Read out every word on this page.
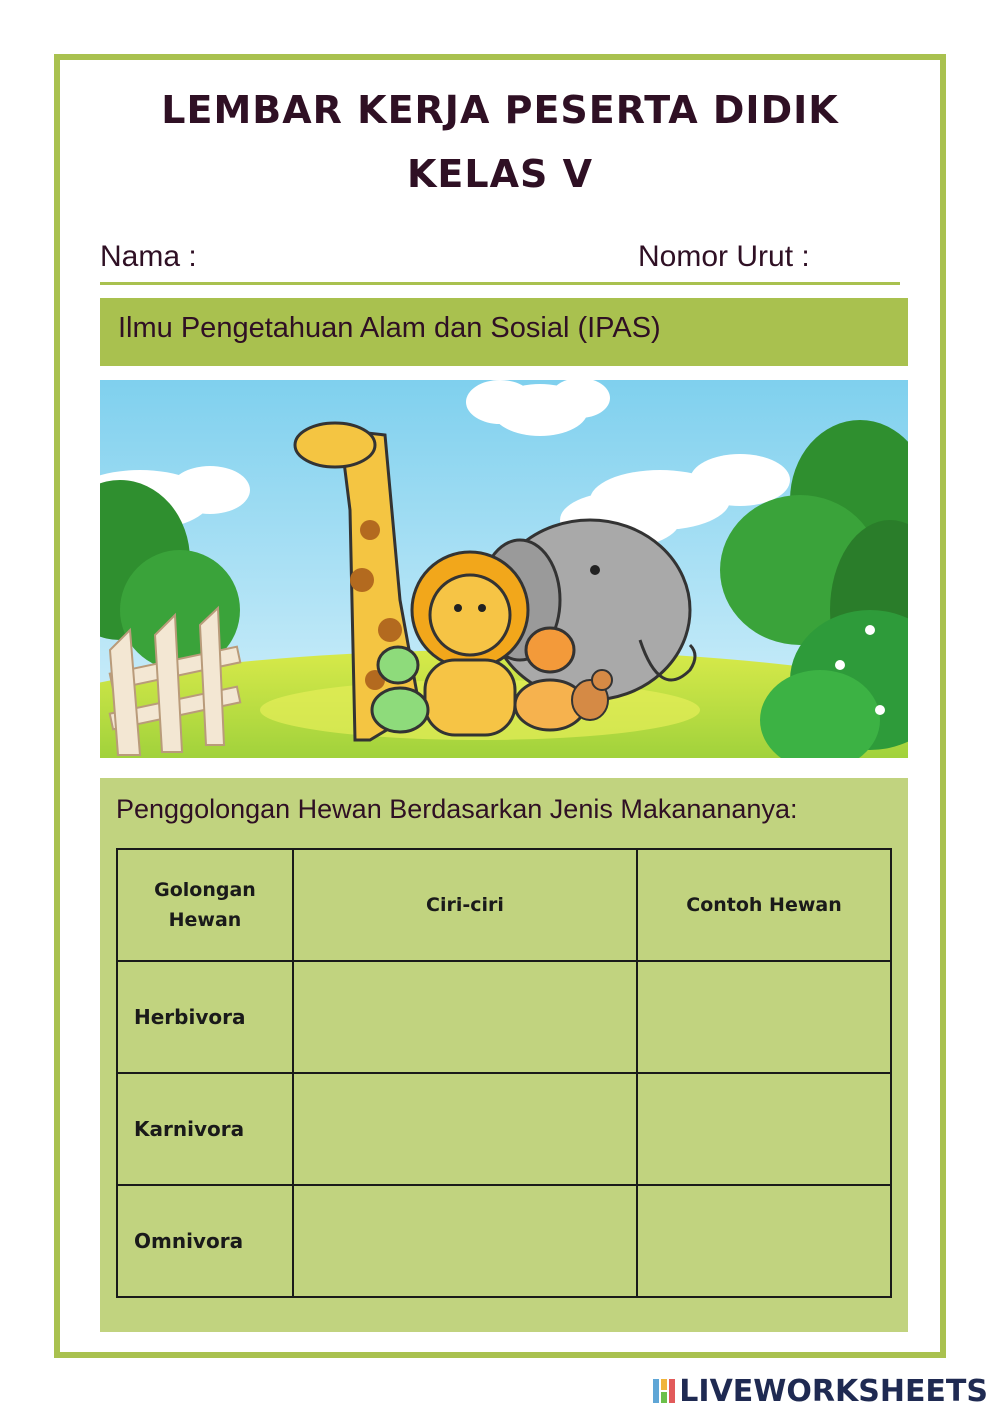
LEMBAR KERJA PESERTA DIDIK
KELAS V
Nama :	Nomor Urut :
Ilmu Pengetahuan Alam dan Sosial (IPAS)
Penggolongan Hewan Berdasarkan Jenis Makanananya:
Golongan Hewan	Ciri-ciri	Contoh Hewan
Herbivora		
Karnivora		
Omnivora		
LIVEWORKSHEETS
